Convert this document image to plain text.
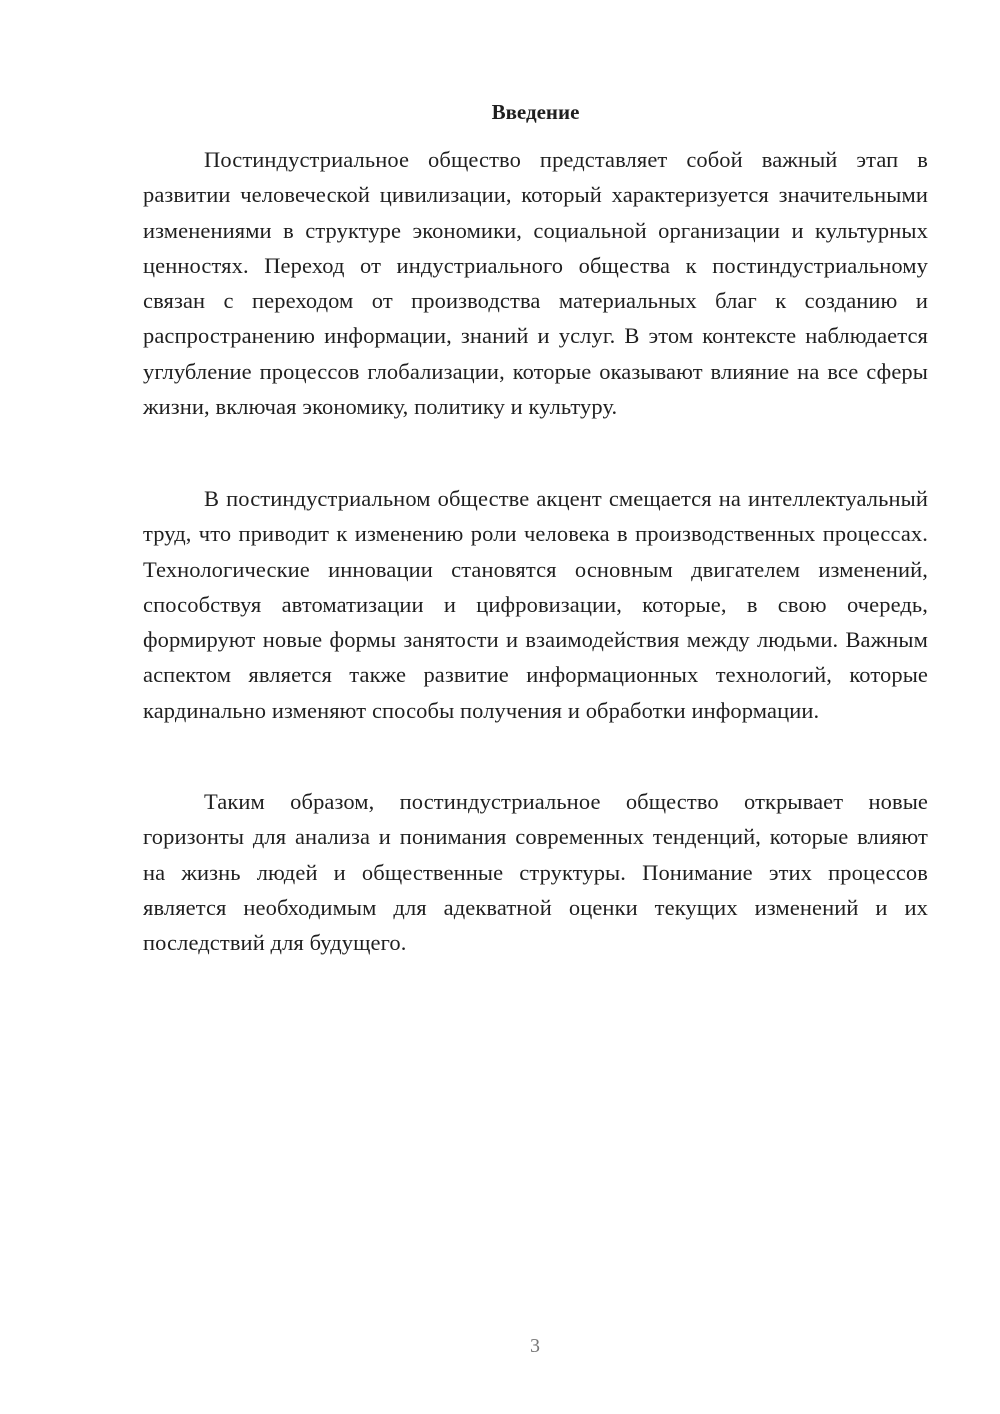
Введение

Постиндустриальное общество представляет собой важный этап в развитии человеческой цивилизации, который характеризуется значительными изменениями в структуре экономики, социальной организации и культурных ценностях. Переход от индустриального общества к постиндустриальному связан с переходом от производства материальных благ к созданию и распространению информации, знаний и услуг. В этом контексте наблюдается углубление процессов глобализации, которые оказывают влияние на все сферы жизни, включая экономику, политику и культуру.

В постиндустриальном обществе акцент смещается на интеллектуальный труд, что приводит к изменению роли человека в производственных процессах. Технологические инновации становятся основным двигателем изменений, способствуя автоматизации и цифровизации, которые, в свою очередь, формируют новые формы занятости и взаимодействия между людьми. Важным аспектом является также развитие информационных технологий, которые кардинально изменяют способы получения и обработки информации.

Таким образом, постиндустриальное общество открывает новые горизонты для анализа и понимания современных тенденций, которые влияют на жизнь людей и общественные структуры. Понимание этих процессов является необходимым для адекватной оценки текущих изменений и их последствий для будущего.

3
